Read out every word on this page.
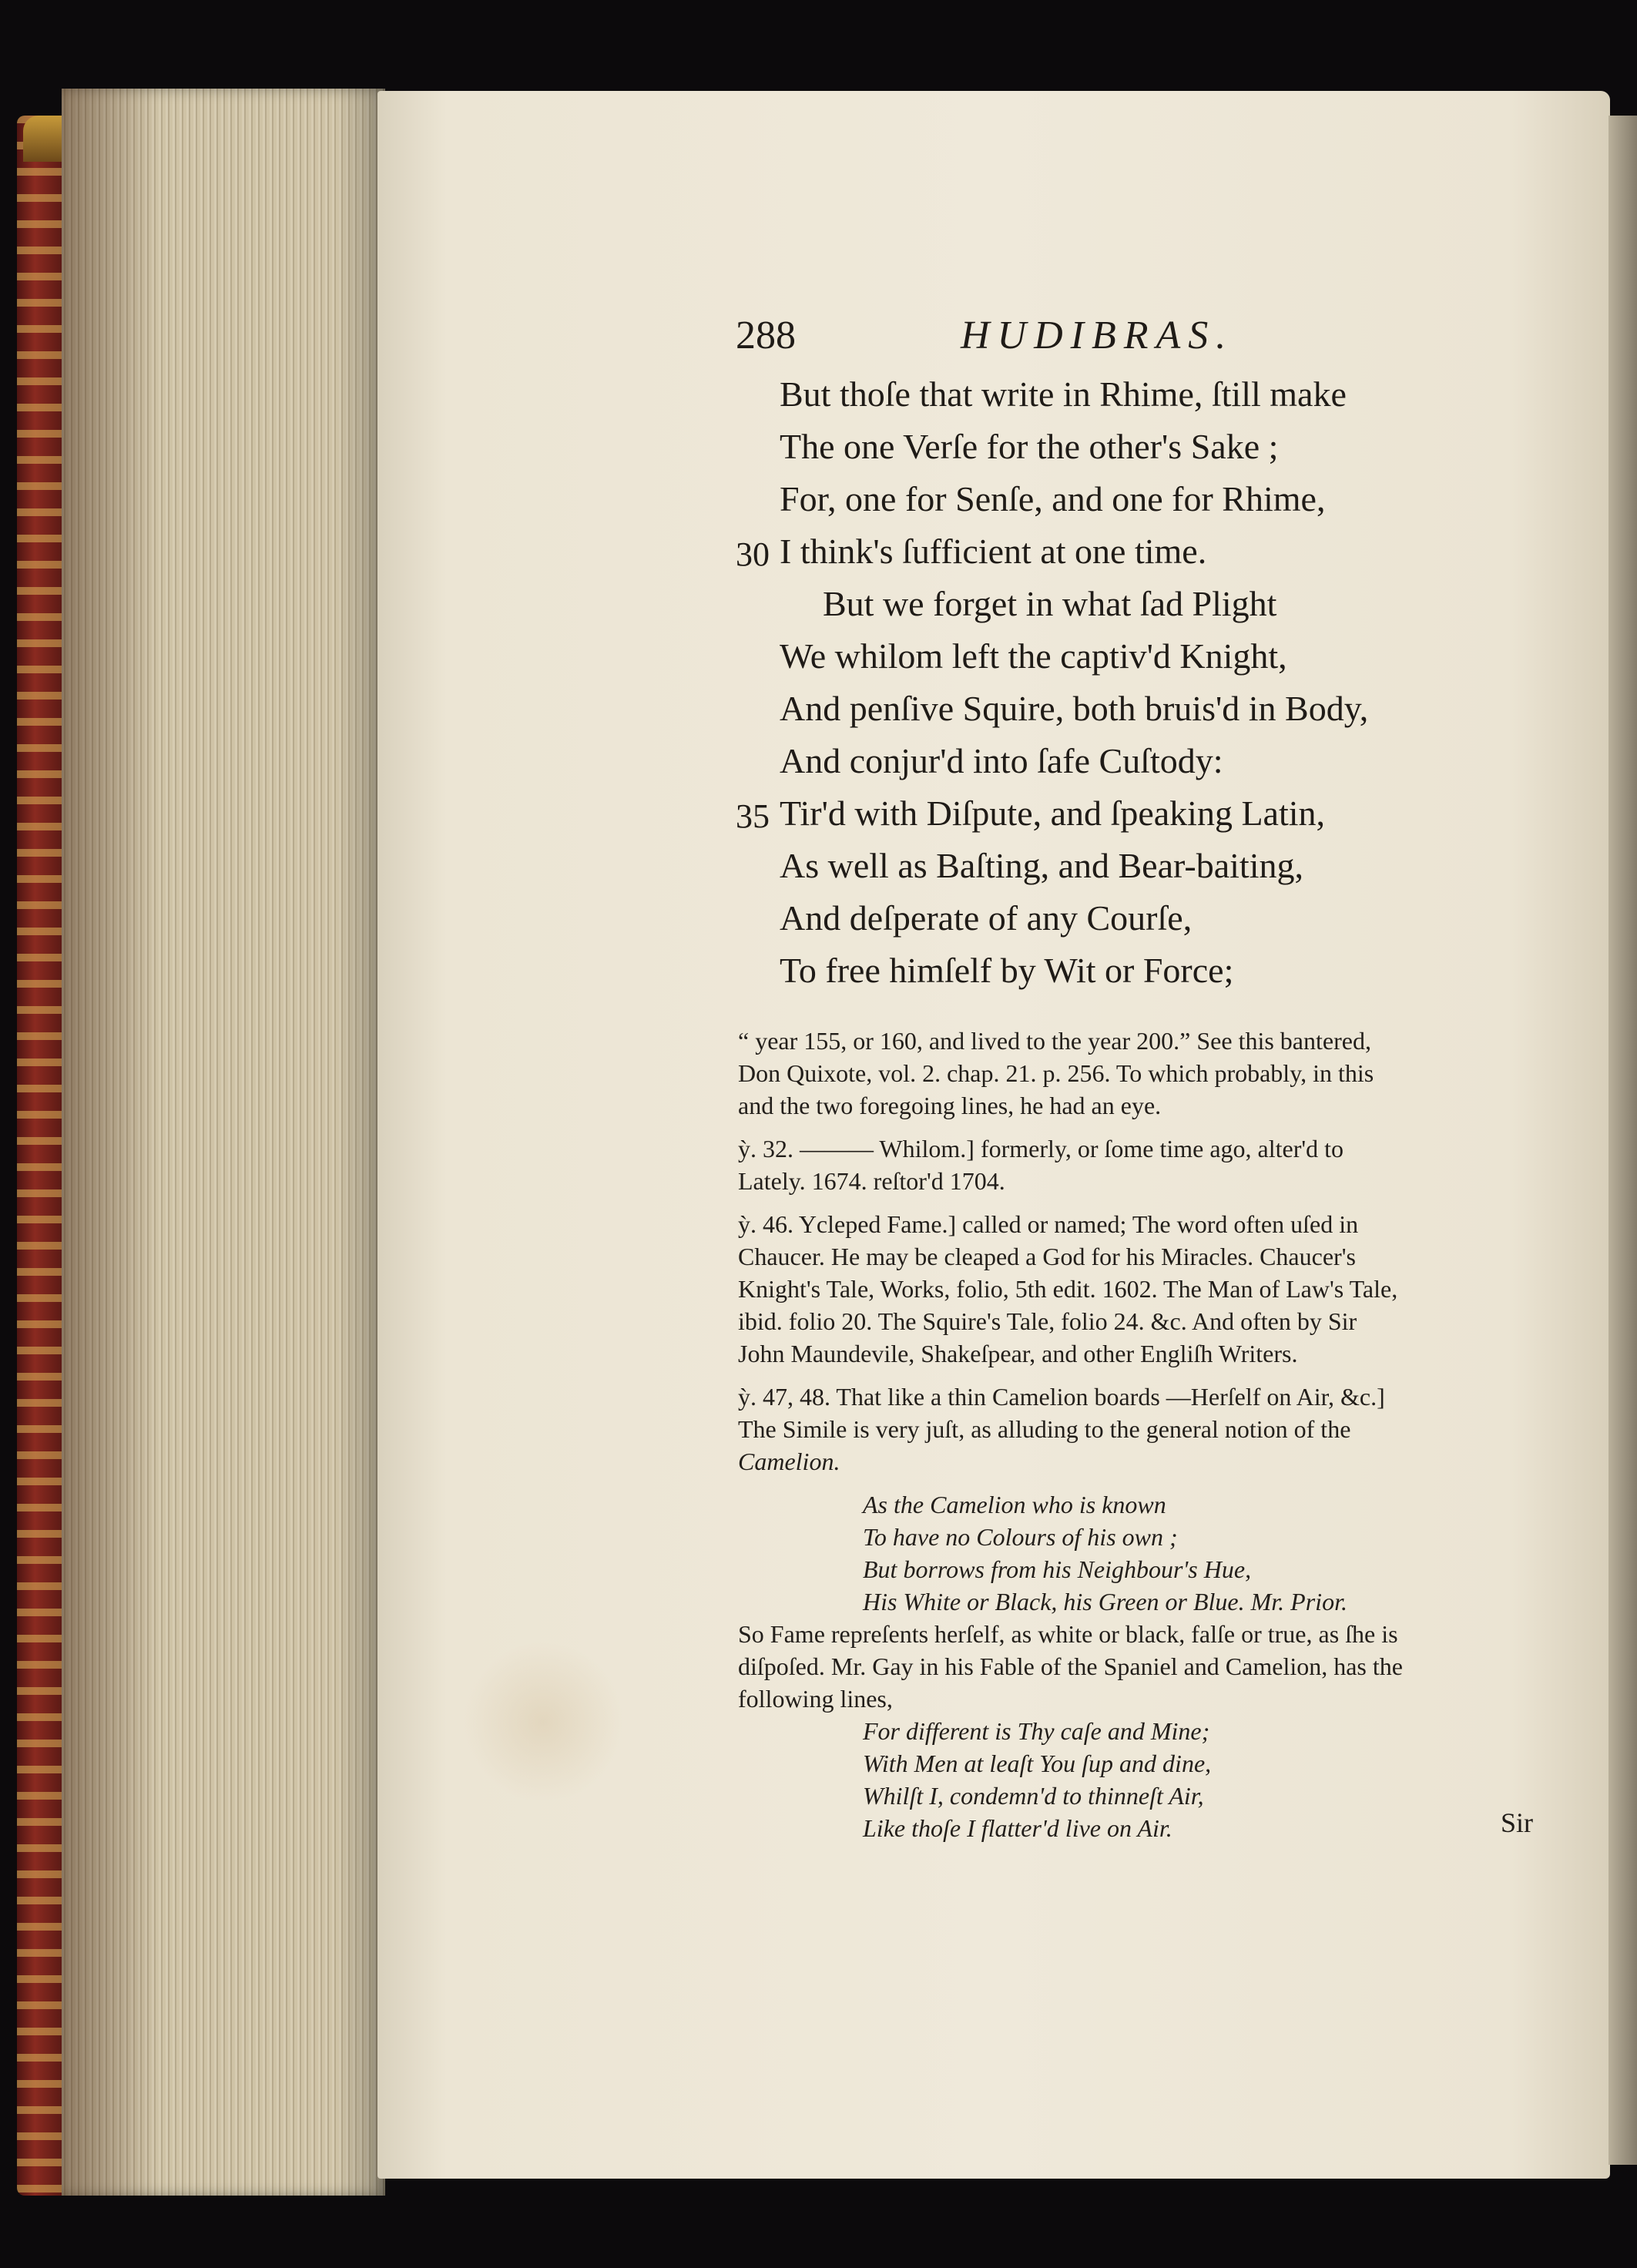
288	HUDIBRAS.
But thoſe that write in Rhime, ſtill make
The one Verſe for the other's Sake ;
For, one for Senſe, and one for Rhime,
30 I think's ſufficient at one time.
But we forget in what ſad Plight
We whilom left the captiv'd Knight,
And penſive Squire, both bruis'd in Body,
And conjur'd into ſafe Cuſtody:
35 Tir'd with Diſpute, and ſpeaking Latin,
As well as Baſting, and Bear-baiting,
And deſperate of any Courſe,
To free himſelf by Wit or Force;
“ year 155, or 160, and lived to the year 200.” See this bantered,
Don Quixote, vol. 2. chap. 21. p. 256. To which probably, in this
and the two foregoing lines, he had an eye.
ỳ. 32. ——— Whilom.] formerly, or ſome time ago, alter'd to
Lately. 1674. reſtor'd 1704.
ỳ. 46. Ycleped Fame.] called or named; The word often uſed in
Chaucer. He may be cleaped a God for his Miracles. Chaucer's
Knight's Tale, Works, folio, 5th edit. 1602. The Man of Law's Tale,
ibid. folio 20. The Squire's Tale, folio 24. &c. And often by Sir
John Maundevile, Shakeſpear, and other Engliſh Writers.
ỳ. 47, 48. That like a thin Camelion boards —Herſelf on Air, &c.]
The Simile is very juſt, as alluding to the general notion of the
Camelion.
As the Camelion who is known
To have no Colours of his own ;
But borrows from his Neighbour's Hue,
His White or Black, his Green or Blue. Mr. Prior.
So Fame repreſents herſelf, as white or black, falſe or true, as ſhe is
diſpoſed. Mr. Gay in his Fable of the Spaniel and Camelion, has the
following lines,
For different is Thy caſe and Mine;
With Men at leaſt You ſup and dine,
Whilſt I, condemn'd to thinneſt Air,
Like thoſe I flatter'd live on Air.	Sir
